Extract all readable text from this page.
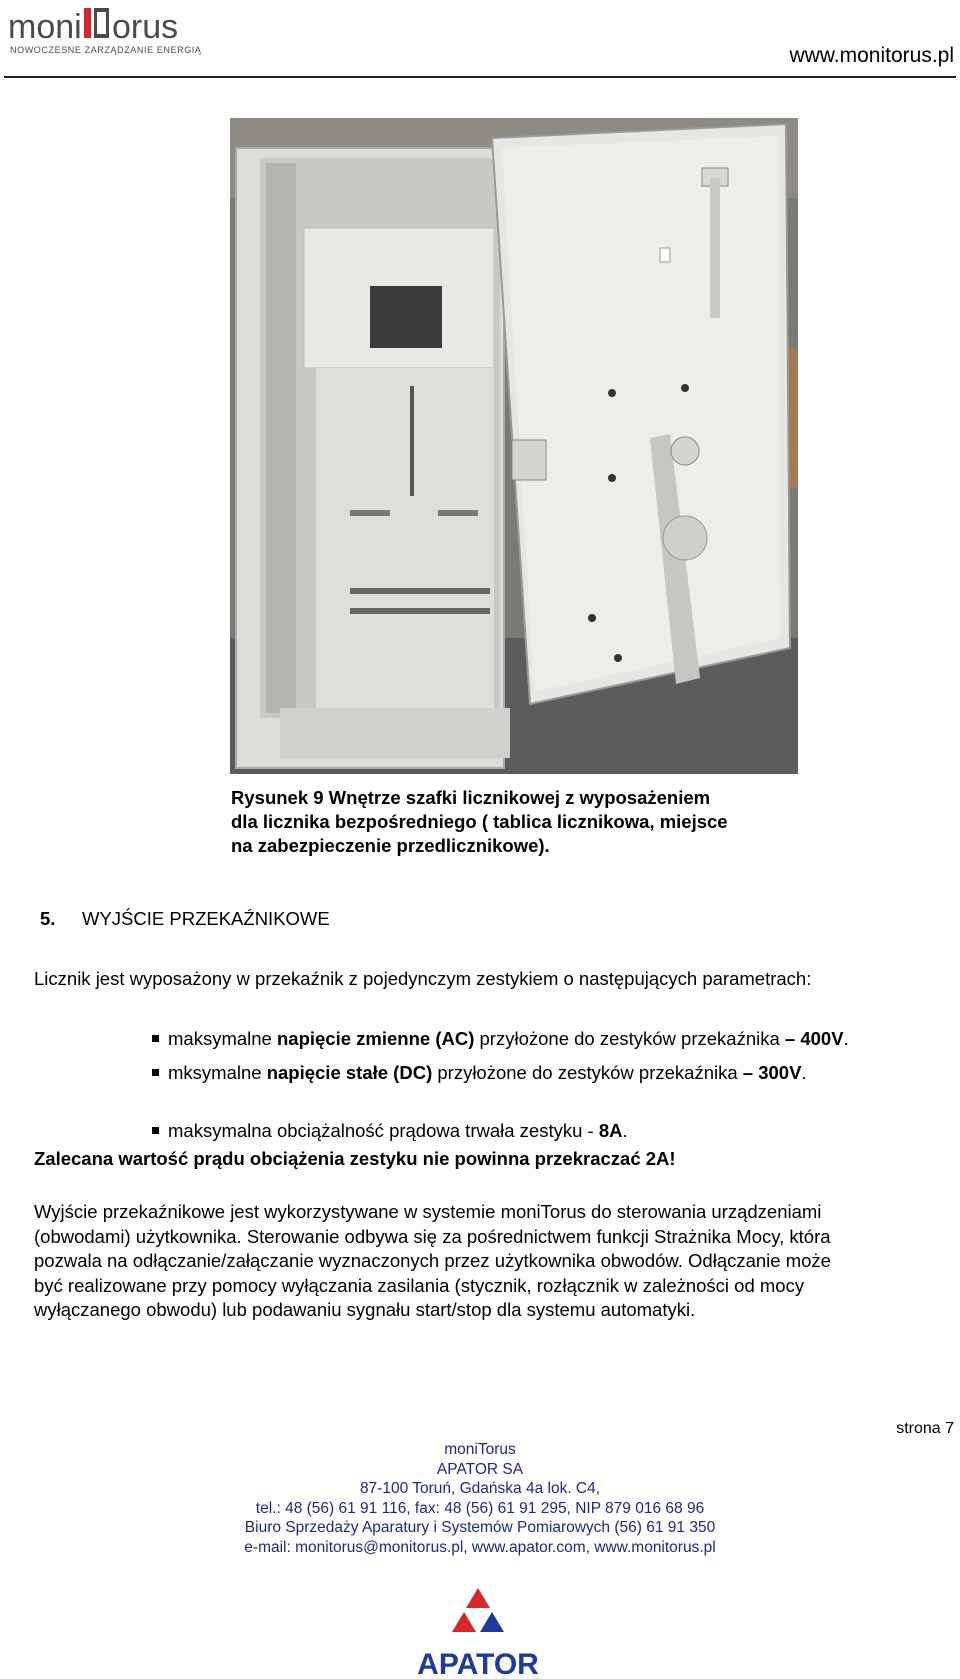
moni orus
NOWOCZESNE ZARZĄDZANIE ENERGIĄ	www.monitorus.pl
Rysunek 9 Wnętrze szafki licznikowej z wyposażeniem
dla licznika bezpośredniego ( tablica licznikowa, miejsce
na zabezpieczenie przedlicznikowe).
5. WYJŚCIE PRZEKAŹNIKOWE
Licznik jest wyposażony w przekaźnik z pojedynczym zestykiem o następujących parametrach:
maksymalne napięcie zmienne (AC) przyłożone do zestyków przekaźnika – 400V.
mksymalne napięcie stałe (DC) przyłożone do zestyków przekaźnika – 300V.
maksymalna obciążalność prądowa trwała zestyku - 8A.
Zalecana wartość prądu obciążenia zestyku nie powinna przekraczać 2A!
Wyjście przekaźnikowe jest wykorzystywane w systemie moniTorus do sterowania urządzeniami
(obwodami) użytkownika. Sterowanie odbywa się za pośrednictwem funkcji Strażnika Mocy, która
pozwala na odłączanie/załączanie wyznaczonych przez użytkownika obwodów. Odłączanie może
być realizowane przy pomocy wyłączania zasilania (stycznik, rozłącznik w zależności od mocy
wyłączanego obwodu) lub podawaniu sygnału start/stop dla systemu automatyki.
strona 7
moniTorus
APATOR SA
87-100 Toruń, Gdańska 4a lok. C4,
tel.: 48 (56) 61 91 116, fax: 48 (56) 61 91 295, NIP 879 016 68 96
Biuro Sprzedaży Aparatury i Systemów Pomiarowych (56) 61 91 350
e-mail: monitorus@monitorus.pl, www.apator.com, www.monitorus.pl
APATOR
